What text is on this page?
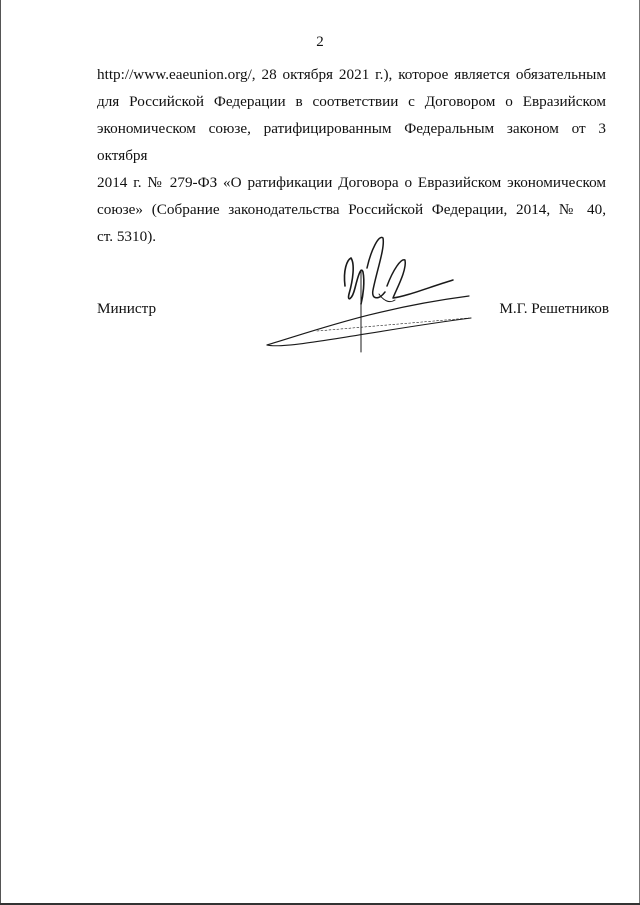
2
http://www.eaeunion.org/, 28 октября 2021 г.), которое является обязательным
для Российской Федерации в соответствии с Договором о Евразийском
экономическом союзе, ратифицированным Федеральным законом от 3 октября
2014 г. № 279-ФЗ «О ратификации Договора о Евразийском экономическом
союзе» (Собрание законодательства Российской Федерации, 2014, № 40,
ст. 5310).
Министр	М.Г. Решетников
